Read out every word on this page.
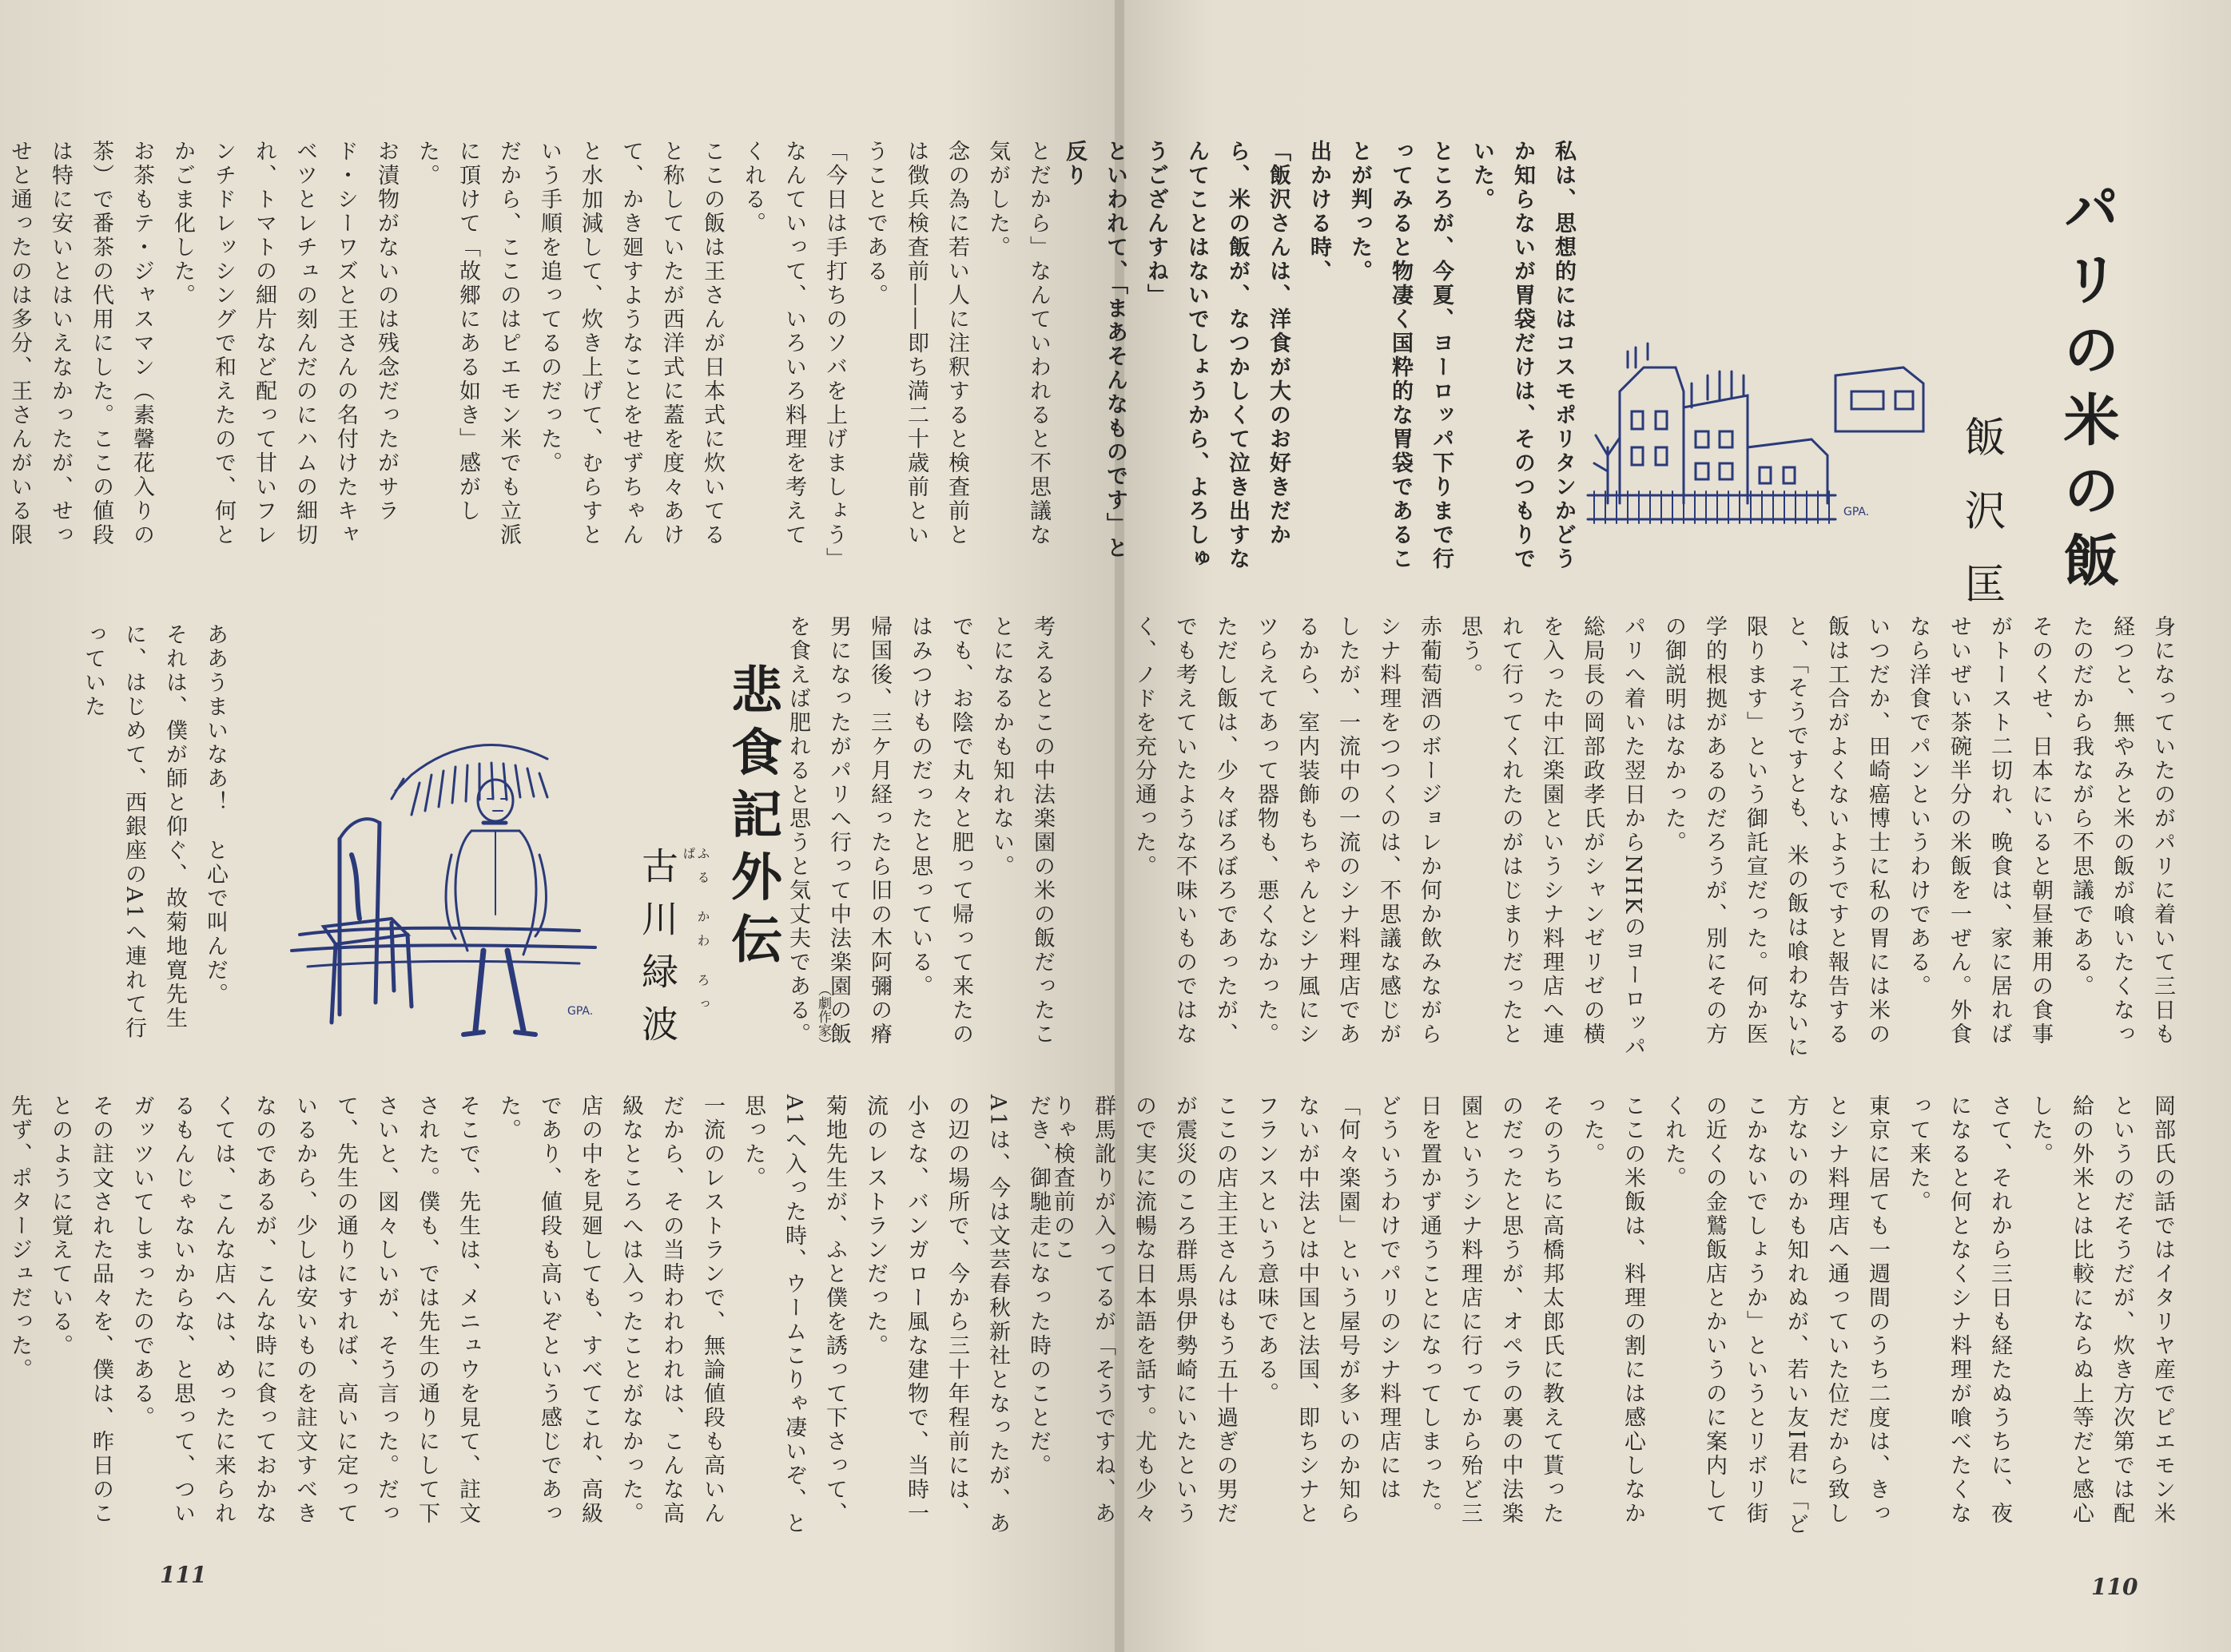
とだから」なんていわれると不思議な気がした。

念の為に若い人に注釈すると検査前とは徴兵検査前――即ち満二十歳前ということである。

「今日は手打ちのソバを上げましょう」なんていって、いろいろ料理を考えてくれる。

ここの飯は王さんが日本式に炊いてると称していたが西洋式に蓋を度々あけて、かき廻すようなことをせずちゃんと水加減して、炊き上げて、むらすという手順を追ってるのだった。

だから、ここのはピエモン米でも立派に頂けて「故郷にある如き」感がした。

お漬物がないのは残念だったがサラド・シーワズと王さんの名付けたキャベツとレチュの刻んだのにハムの細切れ、トマトの細片など配って甘いフレンチドレッシングで和えたので、何とかごま化した。

お茶もテ・ジャスマン（素馨花入りの茶）で番茶の代用にした。ここの値段は特に安いとはいえなかったが、せっせと通ったのは多分、王さんがいる限

考えるとこの中法楽園の米の飯だったことになるかも知れない。

でも、お陰で丸々と肥って帰って来たのはみつけものだったと思っている。

帰国後、三ケ月経ったら旧の木阿彌の瘠男になったがパリへ行って中法楽園の飯を食えば肥れると思うと気丈夫である。 （劇作家）
悲食記外伝
古川緑波	ふる かわ ろっ ぱ
GPA.

ああうまいなあ！　と心で叫んだ。

それは、僕が師と仰ぐ、故菊地寛先生に、はじめて、西銀座のA1へ連れて行っていた

だき、御馳走になった時のことだ。

A1は、今は文芸春秋新社となったが、あの辺の場所で、今から三十年程前には、小さな、バンガロー風な建物で、当時一流のレストランだった。

菊地先生が、ふと僕を誘って下さって、A1へ入った時、ウームこりゃ凄いぞ、と思った。

一流のレストランで、無論値段も高いんだから、その当時われわれは、こんな高級なところへは入ったことがなかった。

店の中を見廻しても、すべてこれ、高級であり、値段も高いぞという感じであった。

そこで、先生は、メニュウを見て、註文された。僕も、では先生の通りにして下さいと、図々しいが、そう言った。だって、先生の通りにすれば、高いに定っているから、少しは安いものを註文すべきなのであるが、こんな時に食っておかなくては、こんな店へは、めったに来られるもんじゃないからな、と思って、ついガッツいてしまったのである。

その註文された品々を、僕は、昨日のことのように覚えている。

先ず、ポタージュだった。

111
パリの米の飯
飯沢匡
GPA.

私は、思想的にはコスモポリタンかどうか知らないが胃袋だけは、そのつもりでいた。

ところが、今夏、ヨーロッパ下りまで行ってみると物凄く国粋的な胃袋であることが判った。

出かける時、

「飯沢さんは、洋食が大のお好きだから、米の飯が、なつかしくて泣き出すなんてことはないでしょうから、よろしゅうござんすね」

といわれて、「まあそんなものです」と反り

身になっていたのがパリに着いて三日も経つと、無やみと米の飯が喰いたくなったのだから我ながら不思議である。

そのくせ、日本にいると朝昼兼用の食事がトースト二切れ、晩食は、家に居ればせいぜい茶碗半分の米飯を一ぜん。外食なら洋食でパンというわけである。

いつだか、田崎癌博士に私の胃には米の飯は工合がよくないようですと報告すると、「そうですとも、米の飯は喰わないに限ります」という御託宣だった。何か医学的根拠があるのだろうが、別にその方の御説明はなかった。

パリへ着いた翌日からNHKのヨーロッパ総局長の岡部政孝氏がシャンゼリゼの横を入った中江楽園というシナ料理店へ連れて行ってくれたのがはじまりだったと思う。

赤葡萄酒のボージョレか何か飲みながらシナ料理をつつくのは、不思議な感じがしたが、一流中の一流のシナ料理店であるから、室内装飾もちゃんとシナ風にシツらえてあって器物も、悪くなかった。

ただし飯は、少々ぼろぼろであったが、でも考えていたような不味いものではなく、ノドを充分通った。

岡部氏の話ではイタリヤ産でピエモン米というのだそうだが、炊き方次第では配給の外米とは比較にならぬ上等だと感心した。

さて、それから三日も経たぬうちに、夜になると何となくシナ料理が喰べたくなって来た。

東京に居ても一週間のうち二度は、きっとシナ料理店へ通っていた位だから致し方ないのかも知れぬが、若い友I君に「どこかないでしょうか」というとリボリ街の近くの金鷲飯店とかいうのに案内してくれた。

ここの米飯は、料理の割には感心しなかった。

そのうちに高橋邦太郎氏に教えて貰ったのだったと思うが、オペラの裏の中法楽園というシナ料理店に行ってから殆ど三日を置かず通うことになってしまった。

どういうわけでパリのシナ料理店には「何々楽園」という屋号が多いのか知らないが中法とは中国と法国、即ちシナとフランスという意味である。

ここの店主王さんはもう五十過ぎの男だが震災のころ群馬県伊勢崎にいたというので実に流暢な日本語を話す。尤も少々群馬訛りが入ってるが「そうですね、ありゃ検査前のこ

110
